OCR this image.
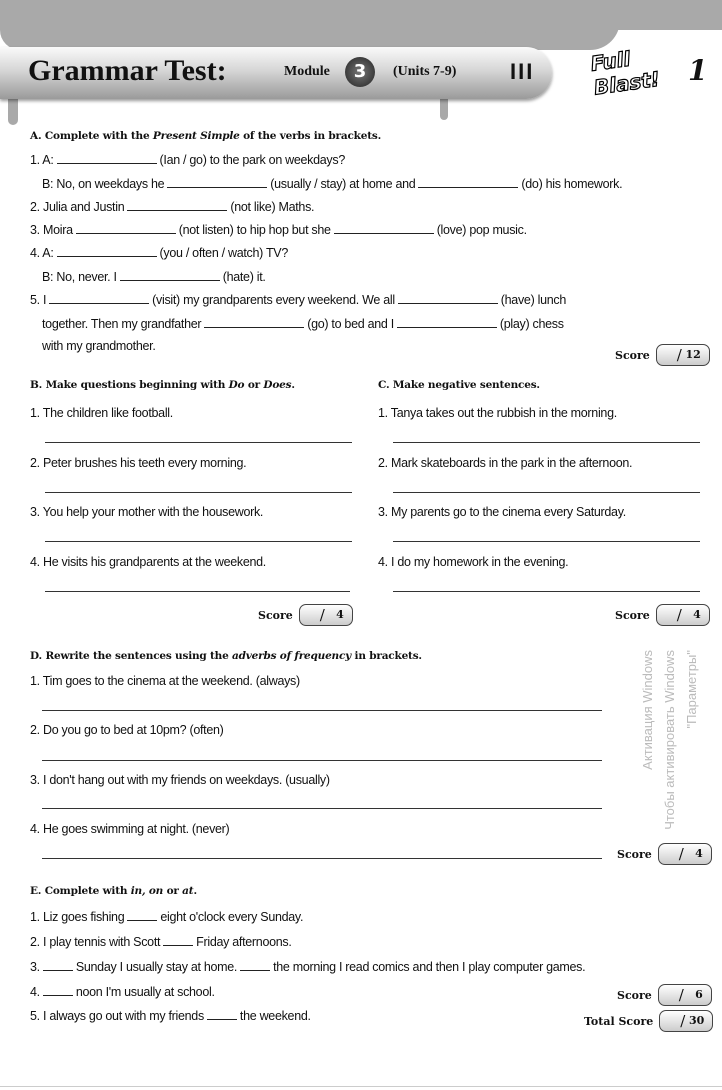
Grammar Test:	Module	3	(Units 7-9) III	Full Blast! 1
Активация Windows Чтобы активировать Windows "Параметры"
A. Complete with the Present Simple of the verbs in brackets.
1. A:	(Ian / go) to the park on weekdays?
B: No, on weekdays he	(usually / stay) at home and	(do) his homework.
2. Julia and Justin	(not like) Maths.
3. Moira	(not listen) to hip hop but she	(love) pop music.
4. A:	(you / often / watch) TV?
B: No, never. I	(hate) it.
5. I	(visit) my grandparents every weekend. We all	(have) lunch
together. Then my grandfather	(go) to bed and I	(play) chess
with my grandmother.
Score / 12
B. Make questions beginning with Do or Does.
1. The children like football.
2. Peter brushes his teeth every morning.
3. You help your mother with the housework.
4. He visits his grandparents at the weekend.
Score / 4
C. Make negative sentences.
1. Tanya takes out the rubbish in the morning.
2. Mark skateboards in the park in the afternoon.
3. My parents go to the cinema every Saturday.
4. I do my homework in the evening.
Score / 4
D. Rewrite the sentences using the adverbs of frequency in brackets.
1. Tim goes to the cinema at the weekend. (always)
2. Do you go to bed at 10pm? (often)
3. I don't hang out with my friends on weekdays. (usually)
4. He goes swimming at night. (never)
Score / 4
E. Complete with in, on or at.
1. Liz goes fishing	eight o'clock every Sunday.
2. I play tennis with Scott	Friday afternoons.
3.	Sunday I usually stay at home.	the morning I read comics and then I play computer games.
4.	noon I'm usually at school.
5. I always go out with my friends	the weekend.
Score / 6
Total Score / 30
